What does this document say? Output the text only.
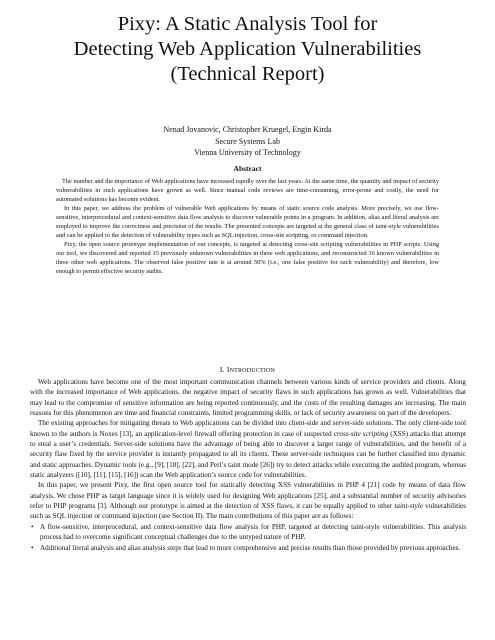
Pixy: A Static Analysis Tool for
Detecting Web Application Vulnerabilities
(Technical Report)
Nenad Jovanovic, Christopher Kruegel, Engin Kirda
Secure Systems Lab
Vienna University of Technology
Abstract

The number and the importance of Web applications have increased rapidly over the last years. At the same time, the quantity and impact of security vulnerabilities in such applications have grown as well. Since manual code reviews are time-consuming, error-prone and costly, the need for automated solutions has become evident.

In this paper, we address the problem of vulnerable Web applications by means of static source code analysis. More precisely, we use flow-sensitive, interprocedural and context-sensitive data flow analysis to discover vulnerable points in a program. In addition, alias and literal analysis are employed to improve the correctness and precision of the results. The presented concepts are targeted at the general class of taint-style vulnerabilities and can be applied to the detection of vulnerability types such as SQL injection, cross-site scripting, or command injection.

Pixy, the open source prototype implementation of our concepts, is targeted at detecting cross-site scripting vulnerabilities in PHP scripts. Using our tool, we discovered and reported 15 previously unknown vulnerabilities in three web applications, and reconstructed 36 known vulnerabilities in three other web applications. The observed false positive rate is at around 50% (i.e., one false positive for each vulnerability) and therefore, low enough to permit effective security audits.

I. INTRODUCTION

Web applications have become one of the most important communication channels between various kinds of service providers and clients. Along with the increased importance of Web applications, the negative impact of security flaws in such applications has grown as well. Vulnerabilities that may lead to the compromise of sensitive information are being reported continuously, and the costs of the resulting damages are increasing. The main reasons for this phenomenon are time and financial constraints, limited programming skills, or lack of security awareness on part of the developers.

The existing approaches for mitigating threats to Web applications can be divided into client-side and server-side solutions. The only client-side tool known to the authors is Noxes [13], an application-level firewall offering protection in case of suspected cross-site scripting (XSS) attacks that attempt to steal a user’s credentials. Server-side solutions have the advantage of being able to discover a larger range of vulnerabilities, and the benefit of a security flaw fixed by the service provider is instantly propagated to all its clients. These server-side techniques can be further classified into dynamic and static approaches. Dynamic tools (e.g., [9], [18], [22], and Perl’s taint mode [26]) try to detect attacks while executing the audited program, whereas static analyzers ([10], [11], [15], [16]) scan the Web application’s source code for vulnerabilities.

In this paper, we present Pixy, the first open source tool for statically detecting XSS vulnerabilities in PHP 4 [21] code by means of data flow analysis. We chose PHP as target language since it is widely used for designing Web applications [25], and a substantial number of security advisories refer to PHP programs [3]. Although our prototype is aimed at the detection of XSS flaws, it can be equally applied to other taint-style vulnerabilities such as SQL injection or command injection (see Section II). The main contributions of this paper are as follows:

• A flow-sensitive, interprocedural, and context-sensitive data flow analysis for PHP, targeted at detecting taint-style vulnerabilities. This analysis process had to overcome significant conceptual challenges due to the untyped nature of PHP.
• Additional literal analysis and alias analysis steps that lead to more comprehensive and precise results than those provided by previous approaches.
